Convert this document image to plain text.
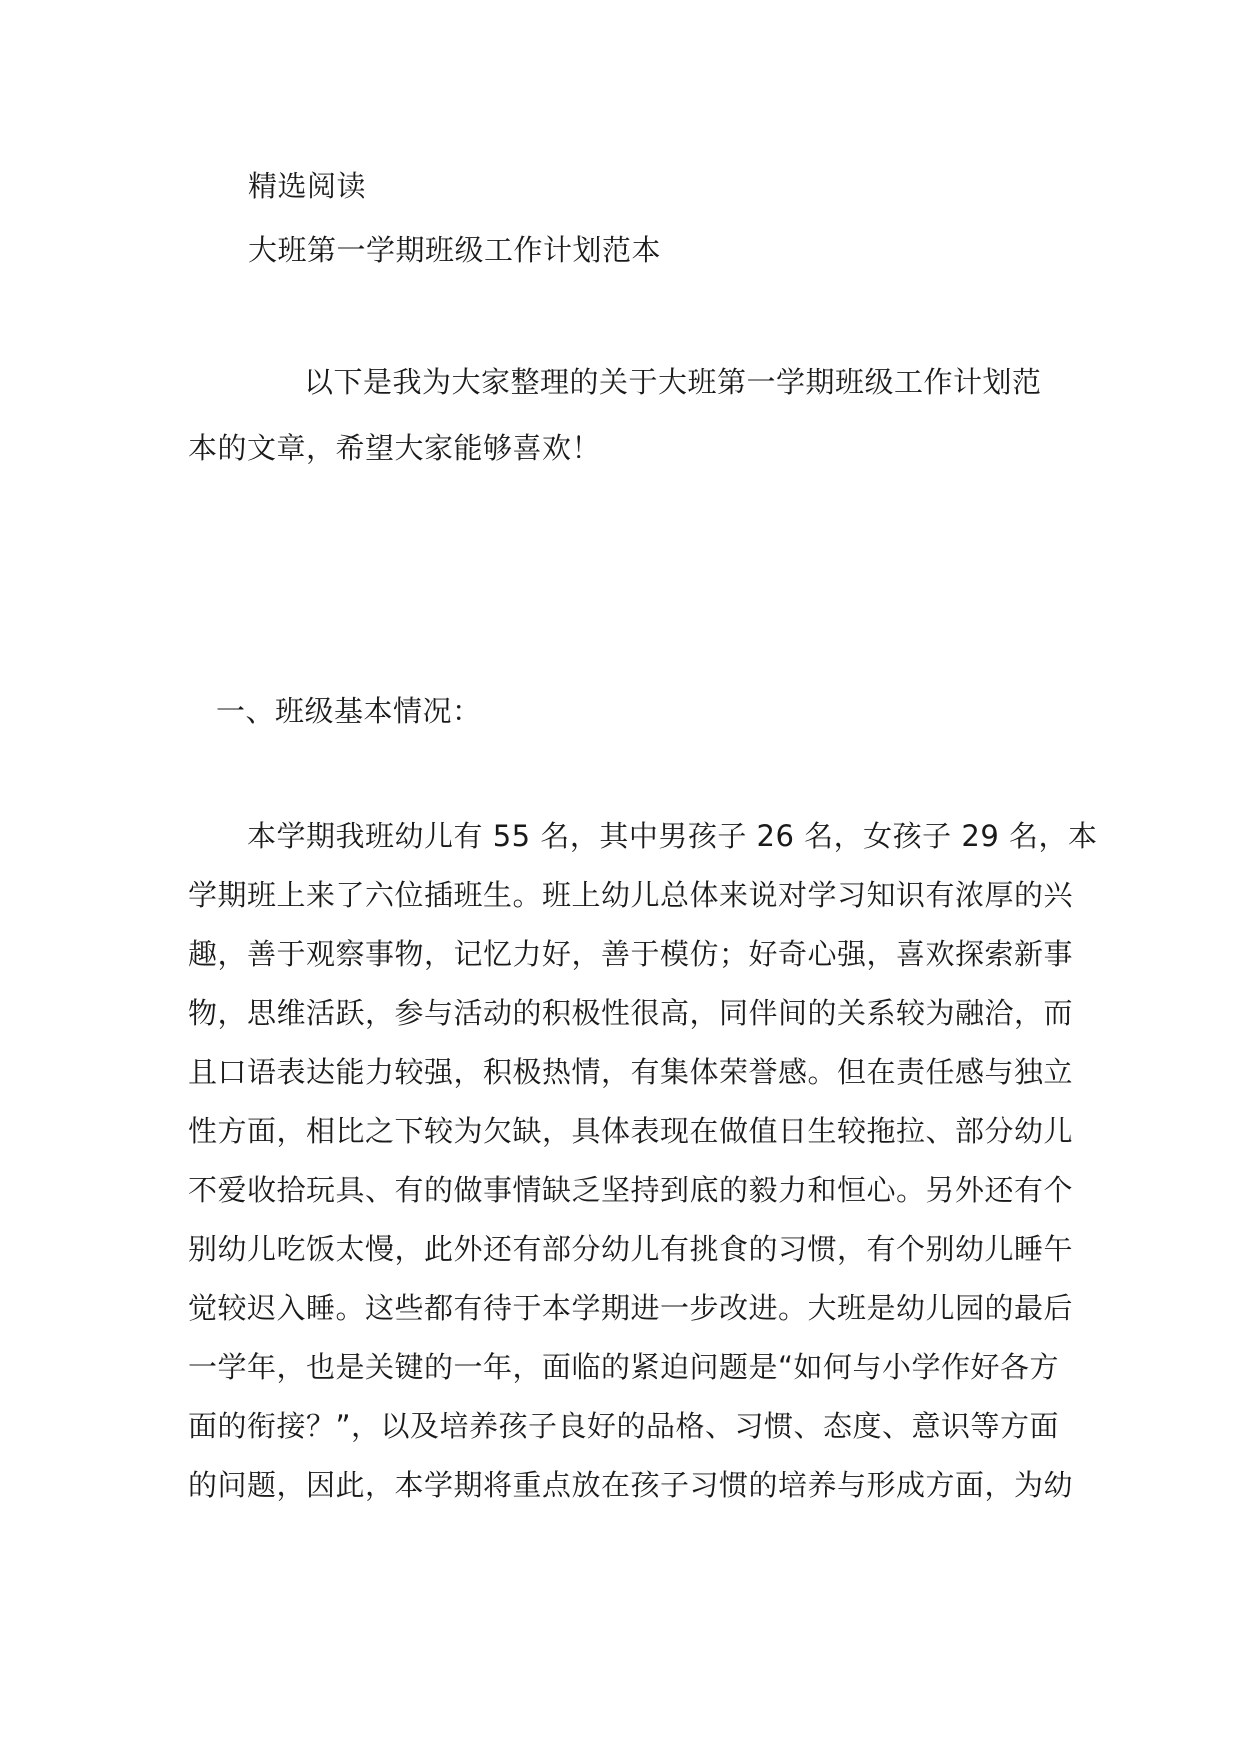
精选阅读
大班第一学期班级工作计划范本
以下是我为大家整理的关于大班第一学期班级工作计划范
本的文章，希望大家能够喜欢！
一、班级基本情况：
　　本学期我班幼儿有 55 名，其中男孩子 26 名，女孩子 29 名，本
学期班上来了六位插班生。班上幼儿总体来说对学习知识有浓厚的兴
趣，善于观察事物，记忆力好，善于模仿；好奇心强，喜欢探索新事
物，思维活跃，参与活动的积极性很高，同伴间的关系较为融洽，而
且口语表达能力较强，积极热情，有集体荣誉感。但在责任感与独立
性方面，相比之下较为欠缺，具体表现在做值日生较拖拉、部分幼儿
不爱收拾玩具、有的做事情缺乏坚持到底的毅力和恒心。另外还有个
别幼儿吃饭太慢，此外还有部分幼儿有挑食的习惯，有个别幼儿睡午
觉较迟入睡。这些都有待于本学期进一步改进。大班是幼儿园的最后
一学年，也是关键的一年，面临的紧迫问题是“如何与小学作好各方
面的衔接？”，以及培养孩子良好的品格、习惯、态度、意识等方面
的问题，因此，本学期将重点放在孩子习惯的培养与形成方面，为幼
